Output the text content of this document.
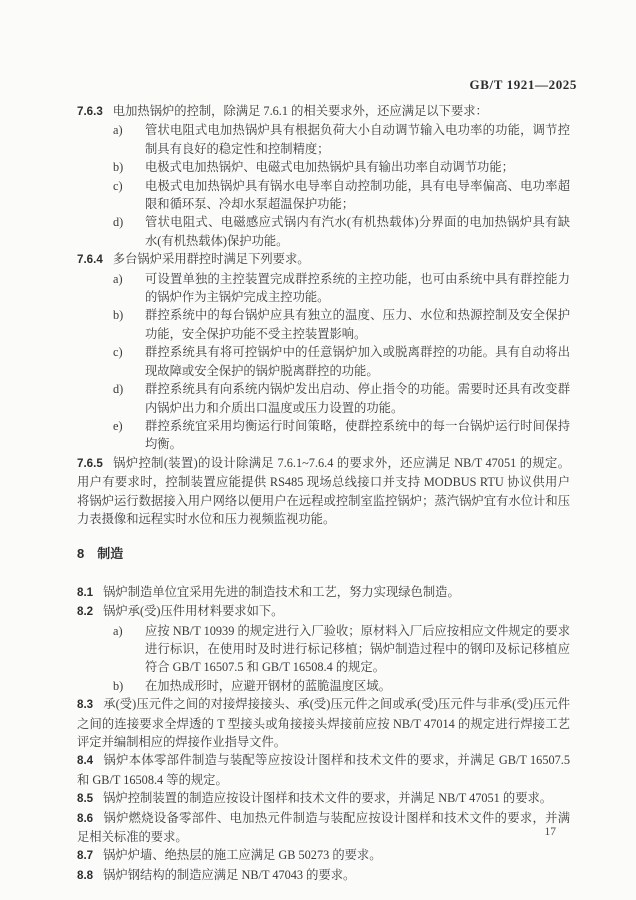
GB/T 1921—2025

7.6.3 电加热锅炉的控制，除满足 7.6.1 的相关要求外，还应满足以下要求：

a) 管状电阻式电加热锅炉具有根据负荷大小自动调节输入电功率的功能，调节控制具有良好的稳定性和控制精度；
b) 电极式电加热锅炉、电磁式电加热锅炉具有输出功率自动调节功能；
c) 电极式电加热锅炉具有锅水电导率自动控制功能，具有电导率偏高、电功率超限和循环泵、冷却水泵超温保护功能；
d) 管状电阻式、电磁感应式锅内有汽水(有机热载体)分界面的电加热锅炉具有缺水(有机热载体)保护功能。

7.6.4 多台锅炉采用群控时满足下列要求。

a) 可设置单独的主控装置完成群控系统的主控功能，也可由系统中具有群控能力的锅炉作为主锅炉完成主控功能。
b) 群控系统中的每台锅炉应具有独立的温度、压力、水位和热源控制及安全保护功能，安全保护功能不受主控装置影响。
c) 群控系统具有将可控锅炉中的任意锅炉加入或脱离群控的功能。具有自动将出现故障或安全保护的锅炉脱离群控的功能。
d) 群控系统具有向系统内锅炉发出启动、停止指令的功能。需要时还具有改变群内锅炉出力和介质出口温度或压力设置的功能。
e) 群控系统宜采用均衡运行时间策略，使群控系统中的每一台锅炉运行时间保持均衡。

7.6.5 锅炉控制(装置)的设计除满足 7.6.1~7.6.4 的要求外，还应满足 NB/T 47051 的规定。用户有要求时，控制装置应能提供 RS485 现场总线接口并支持 MODBUS RTU 协议供用户将锅炉运行数据接入用户网络以便用户在远程或控制室监控锅炉；蒸汽锅炉宜有水位计和压力表摄像和远程实时水位和压力视频监视功能。

8 制造

8.1 锅炉制造单位宜采用先进的制造技术和工艺，努力实现绿色制造。

8.2 锅炉承(受)压件用材料要求如下。

a) 应按 NB/T 10939 的规定进行入厂验收；原材料入厂后应按相应文件规定的要求进行标识，在使用时及时进行标记移植；锅炉制造过程中的钢印及标记移植应符合 GB/T 16507.5 和 GB/T 16508.4 的规定。
b) 在加热成形时，应避开钢材的蓝脆温度区域。

8.3 承(受)压元件之间的对接焊接接头、承(受)压元件之间或承(受)压元件与非承(受)压元件之间的连接要求全焊透的 T 型接头或角接接头焊接前应按 NB/T 47014 的规定进行焊接工艺评定并编制相应的焊接作业指导文件。

8.4 锅炉本体零部件制造与装配等应按设计图样和技术文件的要求，并满足 GB/T 16507.5 和 GB/T 16508.4 等的规定。

8.5 锅炉控制装置的制造应按设计图样和技术文件的要求，并满足 NB/T 47051 的要求。

8.6 锅炉燃烧设备零部件、电加热元件制造与装配应按设计图样和技术文件的要求，并满足相关标准的要求。

8.7 锅炉炉墙、绝热层的施工应满足 GB 50273 的要求。

8.8 锅炉钢结构的制造应满足 NB/T 47043 的要求。

17
